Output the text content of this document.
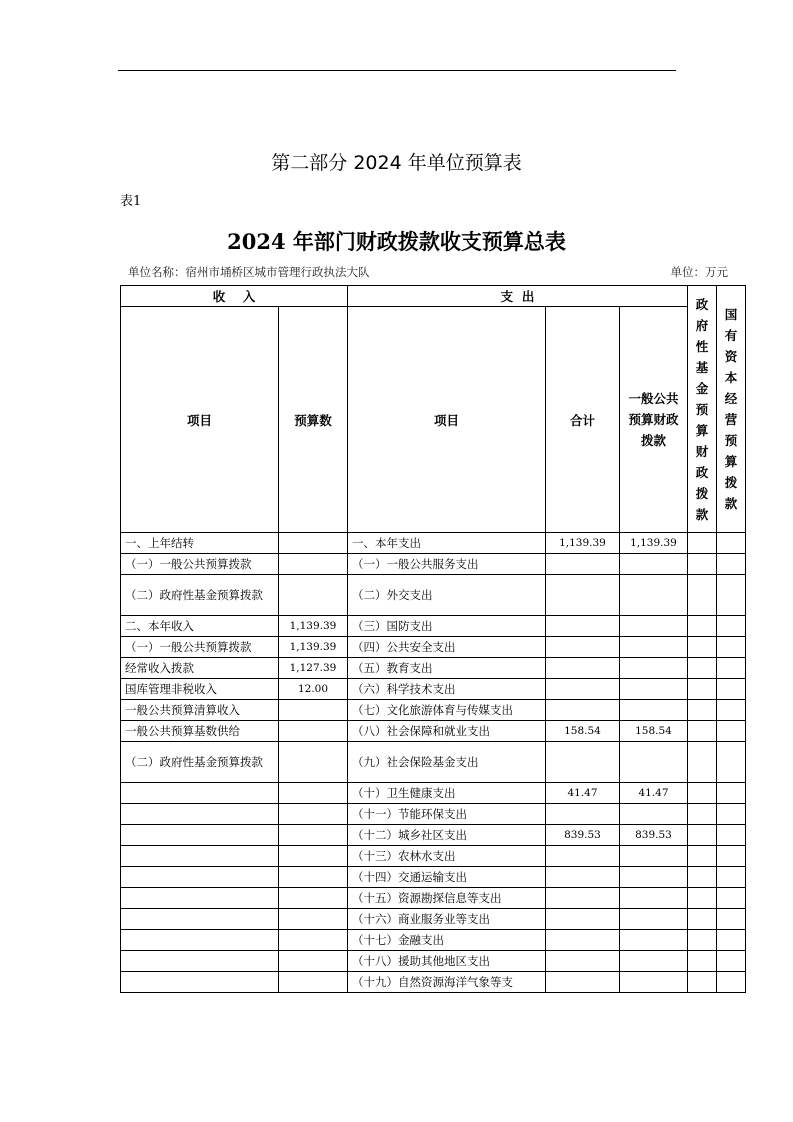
第二部分 2024 年单位预算表
表1
2024 年部门财政拨款收支预算总表
单位名称：宿州市埇桥区城市管理行政执法大队	单位：万元
收    入		支  出			政府性基金预算财政拨款	国有资本经营预算拨款

项目	预算数	项目	合计	一般公共预算财政拨款		
一、上年结转		一、本年支出	1,139.39	1,139.39		
（一）一般公共预算拨款		（一）一般公共服务支出				
（二）政府性基金预算拨款		（二）外交支出				
二、本年收入	1,139.39	（三）国防支出				
（一）一般公共预算拨款	1,139.39	（四）公共安全支出				
经常收入拨款	1,127.39	（五）教育支出				
国库管理非税收入	12.00	（六）科学技术支出				
一般公共预算清算收入		（七）文化旅游体育与传媒支出				
一般公共预算基数供给		（八）社会保障和就业支出	158.54	158.54		
（二）政府性基金预算拨款		（九）社会保险基金支出				
		（十）卫生健康支出	41.47	41.47		
		（十一）节能环保支出				
		（十二）城乡社区支出	839.53	839.53		
		（十三）农林水支出				
		（十四）交通运输支出				
		（十五）资源勘探信息等支出				
		（十六）商业服务业等支出				
		（十七）金融支出				
		（十八）援助其他地区支出				
		（十九）自然资源海洋气象等支				
